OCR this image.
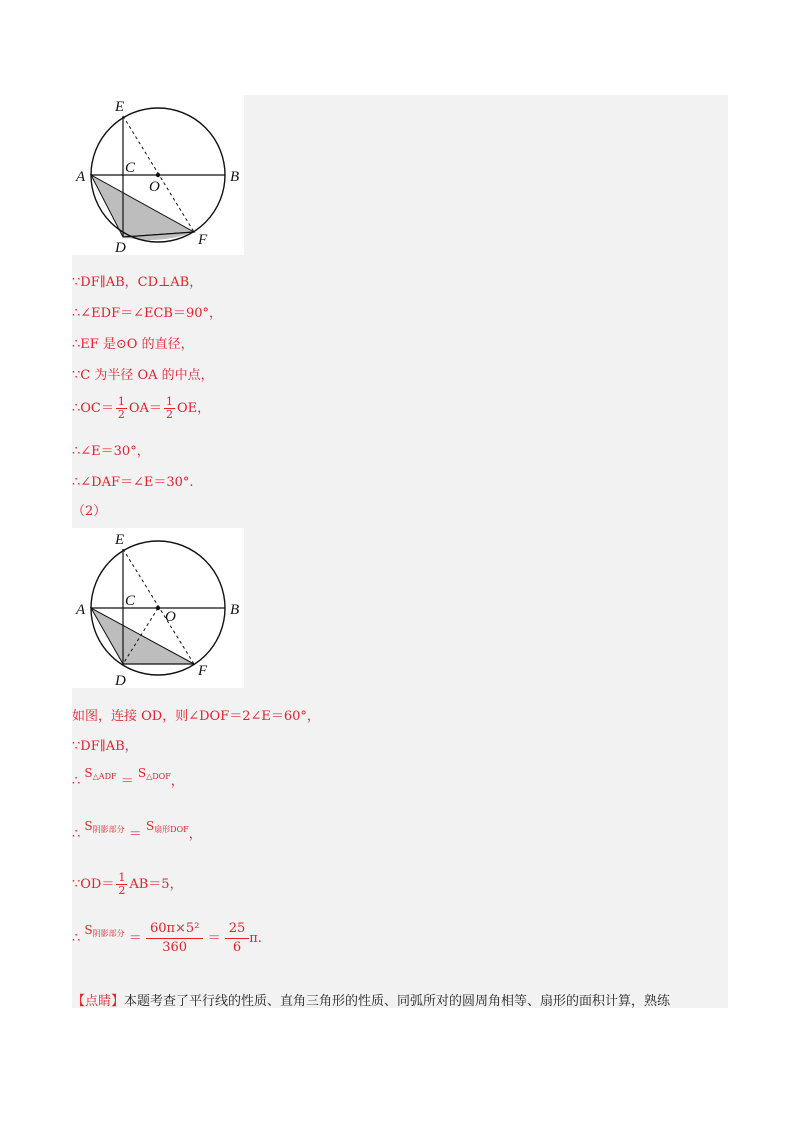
E
A
C
O
B
D	F
∵DF∥AB，CD⊥AB，
∴∠EDF＝∠ECB＝90°，
∴EF 是⊙O 的直径，
∵C 为半径 OA 的中点，
∴OC＝ $\frac{1}{2} OA= \frac{1}{2}$ OE，
∴∠E＝30°，
∴∠DAF＝∠E＝30°.
（2）
E
A
C
O	B
D
F
如图，连接 OD，则∠DOF＝2∠E＝60°，
∵DF∥AB，
∴ S△ADF ＝ S△DOF，
∴ S阴影部分 ＝ S扇形DOF，
∵OD＝ $\frac{1}{2} AB=5$，
∴ S阴影部分 ＝ $\frac{\text{60π×5²}}{360} = \frac{25}{6} \pi$.
【点睛】本题考查了平行线的性质、直角三角形的性质、同弧所对的圆周角相等、扇形的面积计算，熟练
